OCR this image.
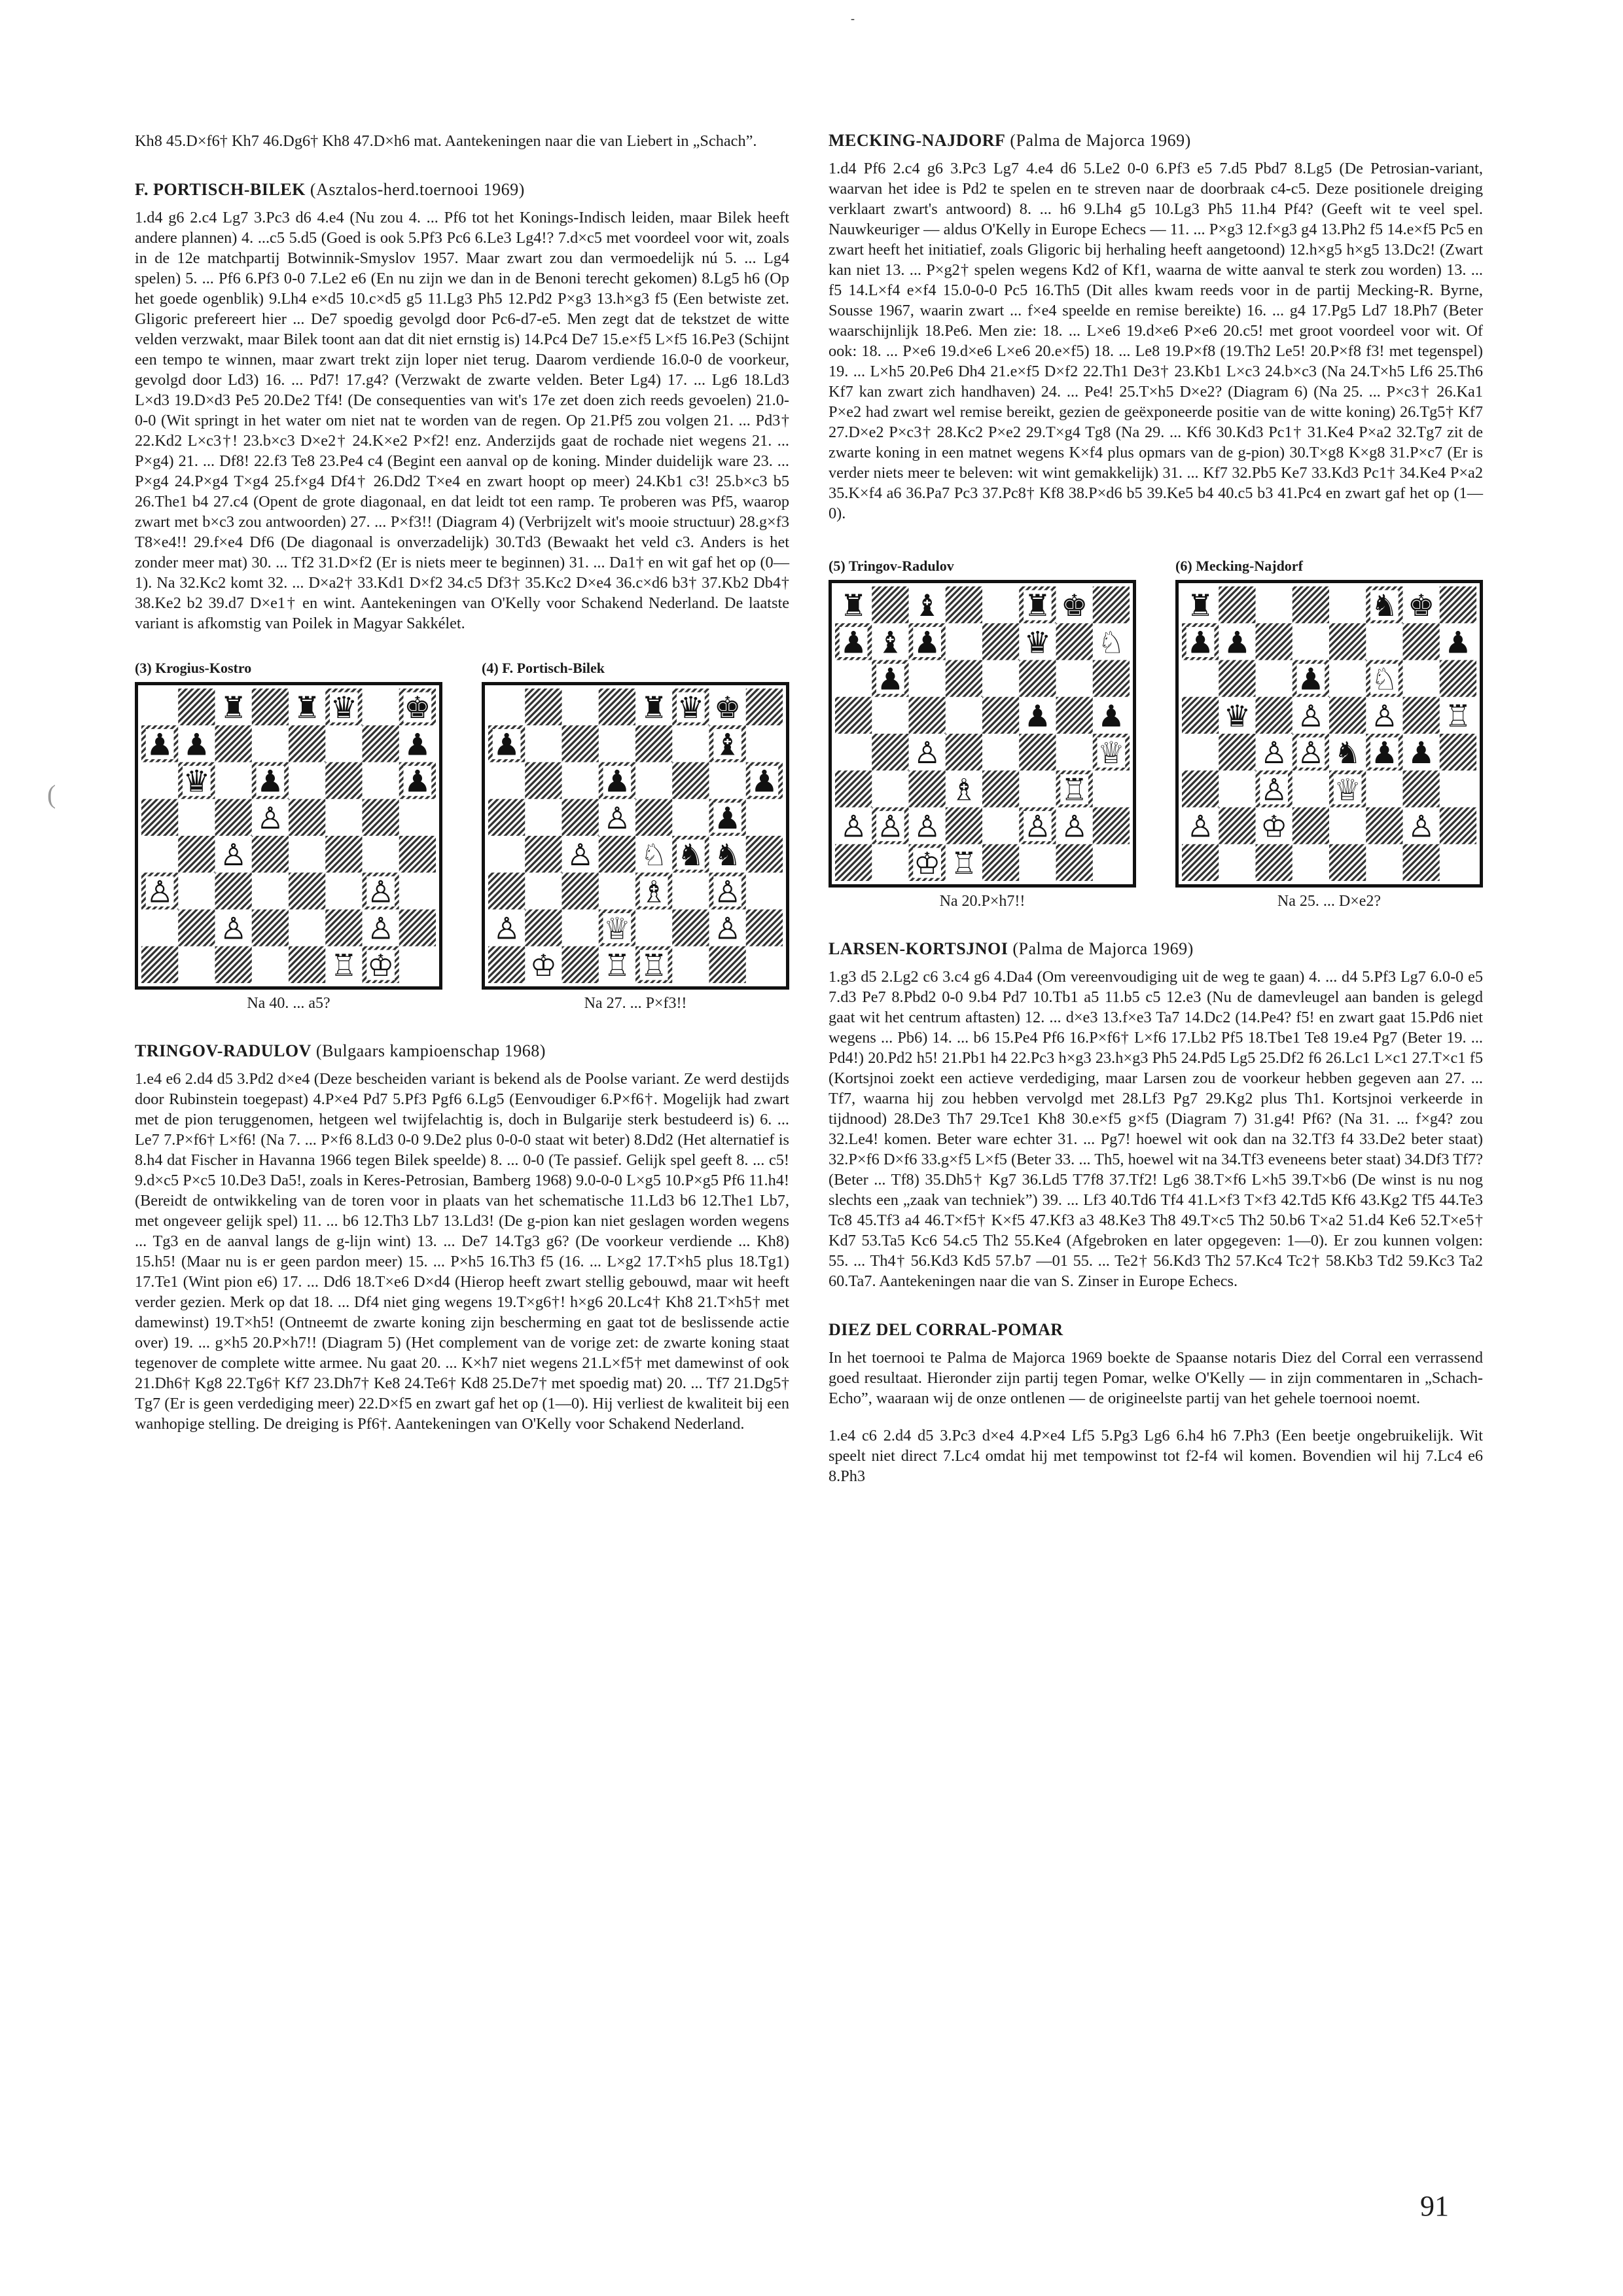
-
(

Kh8 45.D×f6† Kh7 46.Dg6† Kh8 47.D×h6 mat. Aantekeningen naar die van Liebert in „Schach”.

F. PORTISCH-BILEK (Asztalos-herd.toernooi 1969)

1.d4 g6 2.c4 Lg7 3.Pc3 d6 4.e4 (Nu zou 4. ... Pf6 tot het Konings-Indisch leiden, maar Bilek heeft andere plannen) 4. ...c5 5.d5 (Goed is ook 5.Pf3 Pc6 6.Le3 Lg4!? 7.d×c5 met voordeel voor wit, zoals in de 12e matchpartij Botwinnik-Smyslov 1957. Maar zwart zou dan vermoedelijk nú 5. ... Lg4 spelen) 5. ... Pf6 6.Pf3 0-0 7.Le2 e6 (En nu zijn we dan in de Benoni terecht gekomen) 8.Lg5 h6 (Op het goede ogenblik) 9.Lh4 e×d5 10.c×d5 g5 11.Lg3 Ph5 12.Pd2 P×g3 13.h×g3 f5 (Een betwiste zet. Gligoric prefereert hier ... De7 spoedig gevolgd door Pc6-d7-e5. Men zegt dat de tekstzet de witte velden verzwakt, maar Bilek toont aan dat dit niet ernstig is) 14.Pc4 De7 15.e×f5 L×f5 16.Pe3 (Schijnt een tempo te winnen, maar zwart trekt zijn loper niet terug. Daarom verdiende 16.0-0 de voorkeur, gevolgd door Ld3) 16. ... Pd7! 17.g4? (Verzwakt de zwarte velden. Beter Lg4) 17. ... Lg6 18.Ld3 L×d3 19.D×d3 Pe5 20.De2 Tf4! (De consequenties van wit's 17e zet doen zich reeds gevoelen) 21.0-0-0 (Wit springt in het water om niet nat te worden van de regen. Op 21.Pf5 zou volgen 21. ... Pd3† 22.Kd2 L×c3†! 23.b×c3 D×e2† 24.K×e2 P×f2! enz. Anderzijds gaat de rochade niet wegens 21. ... P×g4) 21. ... Df8! 22.f3 Te8 23.Pe4 c4 (Begint een aanval op de koning. Minder duidelijk ware 23. ... P×g4 24.P×g4 T×g4 25.f×g4 Df4† 26.Dd2 T×e4 en zwart hoopt op meer) 24.Kb1 c3! 25.b×c3 b5 26.The1 b4 27.c4 (Opent de grote diagonaal, en dat leidt tot een ramp. Te proberen was Pf5, waarop zwart met b×c3 zou antwoorden) 27. ... P×f3!! (Diagram 4) (Verbrijzelt wit's mooie structuur) 28.g×f3 T8×e4!! 29.f×e4 Df6 (De diagonaal is onverzadelijk) 30.Td3 (Bewaakt het veld c3. Anders is het zonder meer mat) 30. ... Tf2 31.D×f2 (Er is niets meer te beginnen) 31. ... Da1† en wit gaf het op (0—1). Na 32.Kc2 komt 32. ... D×a2† 33.Kd1 D×f2 34.c5 Df3† 35.Kc2 D×e4 36.c×d6 b3† 37.Kb2 Db4† 38.Ke2 b2 39.d7 D×e1† en wint. Aantekeningen van O'Kelly voor Schakend Nederland. De laatste variant is afkomstig van Poilek in Magyar Sakkélet.

(3) Krogius-Kostro
Na 40. ... a5?
(4) F. Portisch-Bilek
Na 27. ... P×f3!!
TRINGOV-RADULOV (Bulgaars kampioenschap 1968)

1.e4 e6 2.d4 d5 3.Pd2 d×e4 (Deze bescheiden variant is bekend als de Poolse variant. Ze werd destijds door Rubinstein toegepast) 4.P×e4 Pd7 5.Pf3 Pgf6 6.Lg5 (Eenvoudiger 6.P×f6†. Mogelijk had zwart met de pion teruggenomen, hetgeen wel twijfelachtig is, doch in Bulgarije sterk bestudeerd is) 6. ... Le7 7.P×f6† L×f6! (Na 7. ... P×f6 8.Ld3 0-0 9.De2 plus 0-0-0 staat wit beter) 8.Dd2 (Het alternatief is 8.h4 dat Fischer in Havanna 1966 tegen Bilek speelde) 8. ... 0-0 (Te passief. Gelijk spel geeft 8. ... c5! 9.d×c5 P×c5 10.De3 Da5!, zoals in Keres-Petrosian, Bamberg 1968) 9.0-0-0 L×g5 10.P×g5 Pf6 11.h4! (Bereidt de ontwikkeling van de toren voor in plaats van het schematische 11.Ld3 b6 12.The1 Lb7, met ongeveer gelijk spel) 11. ... b6 12.Th3 Lb7 13.Ld3! (De g-pion kan niet geslagen worden wegens ... Tg3 en de aanval langs de g-lijn wint) 13. ... De7 14.Tg3 g6? (De voorkeur verdiende ... Kh8) 15.h5! (Maar nu is er geen pardon meer) 15. ... P×h5 16.Th3 f5 (16. ... L×g2 17.T×h5 plus 18.Tg1) 17.Te1 (Wint pion e6) 17. ... Dd6 18.T×e6 D×d4 (Hierop heeft zwart stellig gebouwd, maar wit heeft verder gezien. Merk op dat 18. ... Df4 niet ging wegens 19.T×g6†! h×g6 20.Lc4† Kh8 21.T×h5† met damewinst) 19.T×h5! (Ontneemt de zwarte koning zijn bescherming en gaat tot de beslissende actie over) 19. ... g×h5 20.P×h7!! (Diagram 5) (Het complement van de vorige zet: de zwarte koning staat tegenover de complete witte armee. Nu gaat 20. ... K×h7 niet wegens 21.L×f5† met damewinst of ook 21.Dh6† Kg8 22.Tg6† Kf7 23.Dh7† Ke8 24.Te6† Kd8 25.De7† met spoedig mat) 20. ... Tf7 21.Dg5† Tg7 (Er is geen verdediging meer) 22.D×f5 en zwart gaf het op (1—0). Hij verliest de kwaliteit bij een wanhopige stelling. De dreiging is Pf6†. Aantekeningen van O'Kelly voor Schakend Nederland.

MECKING-NAJDORF (Palma de Majorca 1969)

1.d4 Pf6 2.c4 g6 3.Pc3 Lg7 4.e4 d6 5.Le2 0-0 6.Pf3 e5 7.d5 Pbd7 8.Lg5 (De Petrosian-variant, waarvan het idee is Pd2 te spelen en te streven naar de doorbraak c4-c5. Deze positionele dreiging verklaart zwart's antwoord) 8. ... h6 9.Lh4 g5 10.Lg3 Ph5 11.h4 Pf4? (Geeft wit te veel spel. Nauwkeuriger — aldus O'Kelly in Europe Echecs — 11. ... P×g3 12.f×g3 g4 13.Ph2 f5 14.e×f5 Pc5 en zwart heeft het initiatief, zoals Gligoric bij herhaling heeft aangetoond) 12.h×g5 h×g5 13.Dc2! (Zwart kan niet 13. ... P×g2† spelen wegens Kd2 of Kf1, waarna de witte aanval te sterk zou worden) 13. ... f5 14.L×f4 e×f4 15.0-0-0 Pc5 16.Th5 (Dit alles kwam reeds voor in de partij Mecking-R. Byrne, Sousse 1967, waarin zwart ... f×e4 speelde en remise bereikte) 16. ... g4 17.Pg5 Ld7 18.Ph7 (Beter waarschijnlijk 18.Pe6. Men zie: 18. ... L×e6 19.d×e6 P×e6 20.c5! met groot voordeel voor wit. Of ook: 18. ... P×e6 19.d×e6 L×e6 20.e×f5) 18. ... Le8 19.P×f8 (19.Th2 Le5! 20.P×f8 f3! met tegenspel) 19. ... L×h5 20.Pe6 Dh4 21.e×f5 D×f2 22.Th1 De3† 23.Kb1 L×c3 24.b×c3 (Na 24.T×h5 Lf6 25.Th6 Kf7 kan zwart zich handhaven) 24. ... Pe4! 25.T×h5 D×e2? (Diagram 6) (Na 25. ... P×c3† 26.Ka1 P×e2 had zwart wel remise bereikt, gezien de geëxponeerde positie van de witte koning) 26.Tg5† Kf7 27.D×e2 P×c3† 28.Kc2 P×e2 29.T×g4 Tg8 (Na 29. ... Kf6 30.Kd3 Pc1† 31.Ke4 P×a2 32.Tg7 zit de zwarte koning in een matnet wegens K×f4 plus opmars van de g-pion) 30.T×g8 K×g8 31.P×c7 (Er is verder niets meer te beleven: wit wint gemakkelijk) 31. ... Kf7 32.Pb5 Ke7 33.Kd3 Pc1† 34.Ke4 P×a2 35.K×f4 a6 36.Pa7 Pc3 37.Pc8† Kf8 38.P×d6 b5 39.Ke5 b4 40.c5 b3 41.Pc4 en zwart gaf het op (1—0).

(5) Tringov-Radulov
Na 20.P×h7!!
(6) Mecking-Najdorf
Na 25. ... D×e2?
LARSEN-KORTSJNOI (Palma de Majorca 1969)

1.g3 d5 2.Lg2 c6 3.c4 g6 4.Da4 (Om vereenvoudiging uit de weg te gaan) 4. ... d4 5.Pf3 Lg7 6.0-0 e5 7.d3 Pe7 8.Pbd2 0-0 9.b4 Pd7 10.Tb1 a5 11.b5 c5 12.e3 (Nu de damevleugel aan banden is gelegd gaat wit het centrum aftasten) 12. ... d×e3 13.f×e3 Ta7 14.Dc2 (14.Pe4? f5! en zwart gaat 15.Pd6 niet wegens ... Pb6) 14. ... b6 15.Pe4 Pf6 16.P×f6† L×f6 17.Lb2 Pf5 18.Tbe1 Te8 19.e4 Pg7 (Beter 19. ... Pd4!) 20.Pd2 h5! 21.Pb1 h4 22.Pc3 h×g3 23.h×g3 Ph5 24.Pd5 Lg5 25.Df2 f6 26.Lc1 L×c1 27.T×c1 f5 (Kortsjnoi zoekt een actieve verdediging, maar Larsen zou de voorkeur hebben gegeven aan 27. ... Tf7, waarna hij zou hebben vervolgd met 28.Lf3 Pg7 29.Kg2 plus Th1. Kortsjnoi verkeerde in tijdnood) 28.De3 Th7 29.Tce1 Kh8 30.e×f5 g×f5 (Diagram 7) 31.g4! Pf6? (Na 31. ... f×g4? zou 32.Le4! komen. Beter ware echter 31. ... Pg7! hoewel wit ook dan na 32.Tf3 f4 33.De2 beter staat) 32.P×f6 D×f6 33.g×f5 L×f5 (Beter 33. ... Th5, hoewel wit na 34.Tf3 eveneens beter staat) 34.Df3 Tf7? (Beter ... Tf8) 35.Dh5† Kg7 36.Ld5 T7f8 37.Tf2! Lg6 38.T×f6 L×h5 39.T×b6 (De winst is nu nog slechts een „zaak van techniek”) 39. ... Lf3 40.Td6 Tf4 41.L×f3 T×f3 42.Td5 Kf6 43.Kg2 Tf5 44.Te3 Tc8 45.Tf3 a4 46.T×f5† K×f5 47.Kf3 a3 48.Ke3 Th8 49.T×c5 Th2 50.b6 T×a2 51.d4 Ke6 52.T×e5† Kd7 53.Ta5 Kc6 54.c5 Th2 55.Ke4 (Afgebroken en later opgegeven: 1—0). Er zou kunnen volgen: 55. ... Th4† 56.Kd3 Kd5 57.b7 —01 55. ... Te2† 56.Kd3 Th2 57.Kc4 Tc2† 58.Kb3 Td2 59.Kc3 Ta2 60.Ta7. Aantekeningen naar die van S. Zinser in Europe Echecs.

DIEZ DEL CORRAL-POMAR

In het toernooi te Palma de Majorca 1969 boekte de Spaanse notaris Diez del Corral een verrassend goed resultaat. Hieronder zijn partij tegen Pomar, welke O'Kelly — in zijn commentaren in „Schach-Echo”, waaraan wij de onze ontlenen — de origineelste partij van het gehele toernooi noemt.

1.e4 c6 2.d4 d5 3.Pc3 d×e4 4.P×e4 Lf5 5.Pg3 Lg6 6.h4 h6 7.Ph3 (Een beetje ongebruikelijk. Wit speelt niet direct 7.Lc4 omdat hij met tempowinst tot f2-f4 wil komen. Bovendien wil hij 7.Lc4 e6 8.Ph3

91
